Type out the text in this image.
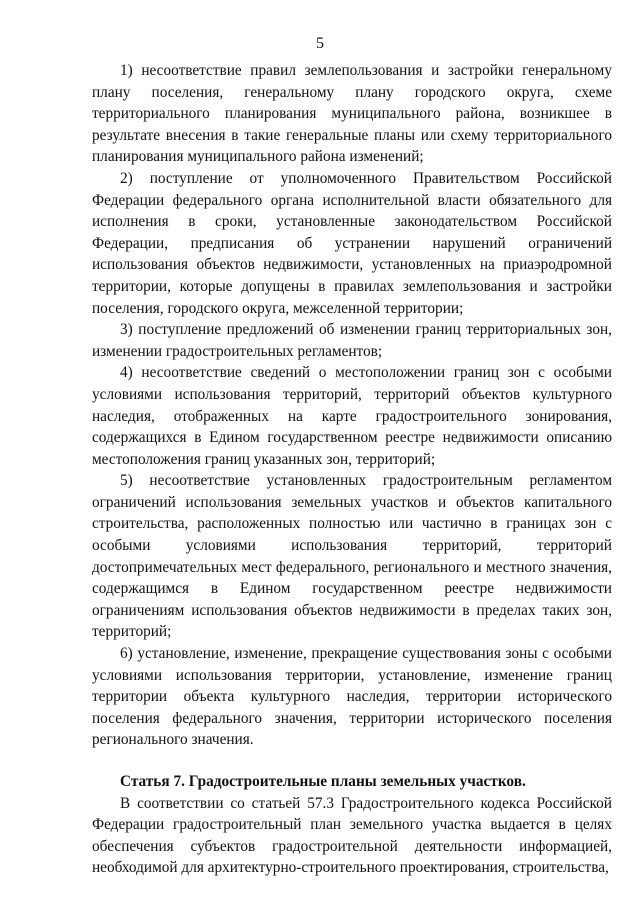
5

1) несоответствие правил землепользования и застройки генеральному плану поселения, генеральному плану городского округа, схеме территориального планирования муниципального района, возникшее в результате внесения в такие генеральные планы или схему территориального планирования муниципального района изменений;

2) поступление от уполномоченного Правительством Российской Федерации федерального органа исполнительной власти обязательного для исполнения в сроки, установленные законодательством Российской Федерации, предписания об устранении нарушений ограничений использования объектов недвижимости, установленных на приаэродромной территории, которые допущены в правилах землепользования и застройки поселения, городского округа, межселенной территории;

3) поступление предложений об изменении границ территориальных зон, изменении градостроительных регламентов;

4) несоответствие сведений о местоположении границ зон с особыми условиями использования территорий, территорий объектов культурного наследия, отображенных на карте градостроительного зонирования, содержащихся в Едином государственном реестре недвижимости описанию местоположения границ указанных зон, территорий;

5) несоответствие установленных градостроительным регламентом ограничений использования земельных участков и объектов капитального строительства, расположенных полностью или частично в границах зон с особыми условиями использования территорий, территорий достопримечательных мест федерального, регионального и местного значения, содержащимся в Едином государственном реестре недвижимости ограничениям использования объектов недвижимости в пределах таких зон, территорий;

6) установление, изменение, прекращение существования зоны с особыми условиями использования территории, установление, изменение границ территории объекта культурного наследия, территории исторического поселения федерального значения, территории исторического поселения регионального значения.

Статья 7. Градостроительные планы земельных участков.

В соответствии со статьей 57.3 Градостроительного кодекса Российской Федерации градостроительный план земельного участка выдается в целях обеспечения субъектов градостроительной деятельности информацией, необходимой для архитектурно-строительного проектирования, строительства,
